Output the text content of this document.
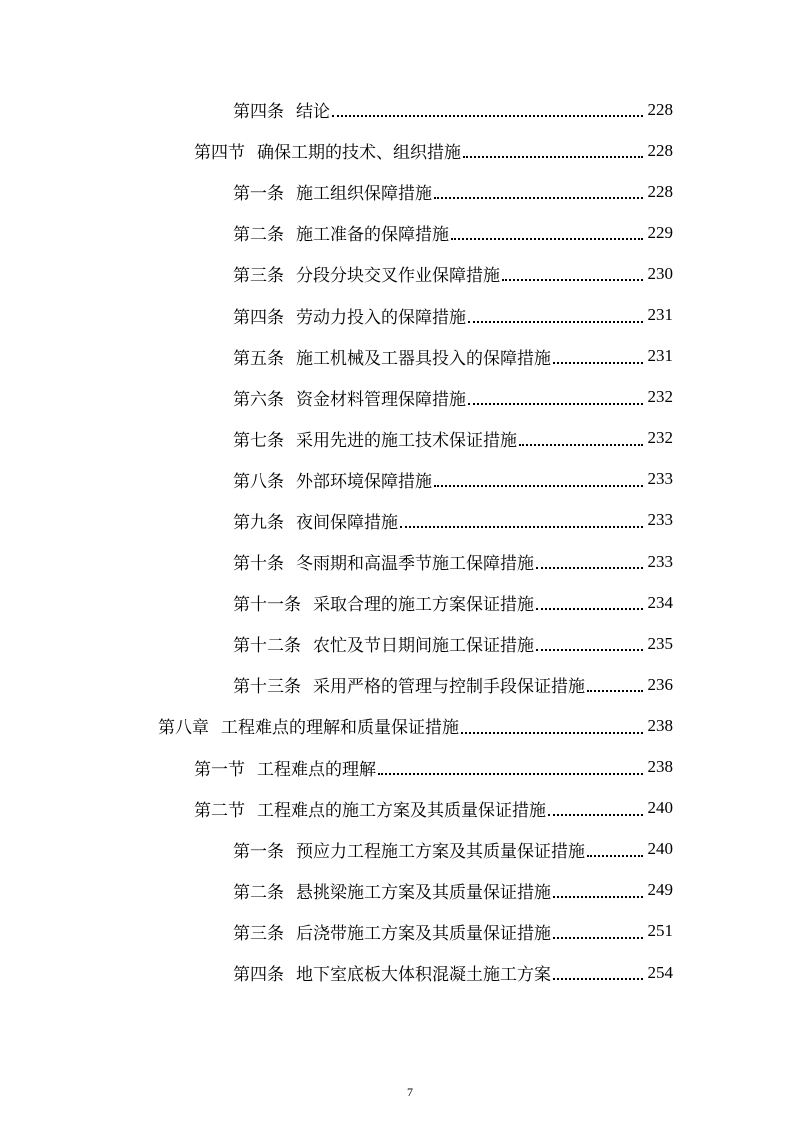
第四条 结论	228
第四节 确保工期的技术、组织措施	228
第一条 施工组织保障措施	228
第二条 施工准备的保障措施	229
第三条 分段分块交叉作业保障措施	230
第四条 劳动力投入的保障措施	231
第五条 施工机械及工器具投入的保障措施	231
第六条 资金材料管理保障措施	232
第七条 采用先进的施工技术保证措施	232
第八条 外部环境保障措施	233
第九条 夜间保障措施	233
第十条 冬雨期和高温季节施工保障措施	233
第十一条 采取合理的施工方案保证措施	234
第十二条 农忙及节日期间施工保证措施	235
第十三条 采用严格的管理与控制手段保证措施	236
第八章 工程难点的理解和质量保证措施	238
第一节 工程难点的理解	238
第二节 工程难点的施工方案及其质量保证措施	240
第一条 预应力工程施工方案及其质量保证措施	240
第二条 悬挑梁施工方案及其质量保证措施	249
第三条 后浇带施工方案及其质量保证措施	251
第四条 地下室底板大体积混凝土施工方案	254
7
